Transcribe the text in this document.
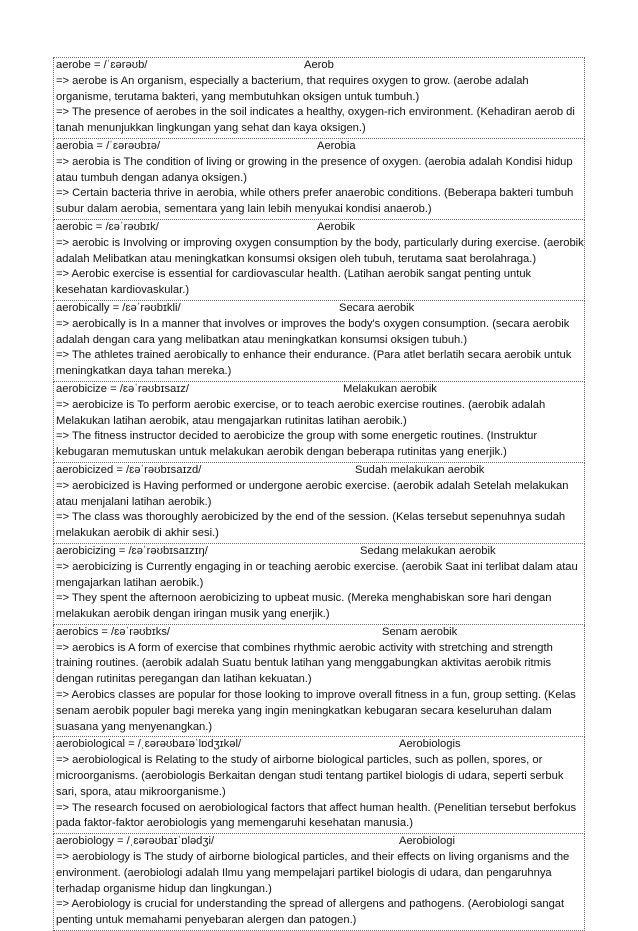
aerobe = /ˈɛərəʊb/	Aerob
=> aerobe is An organism, especially a bacterium, that requires oxygen to grow. (aerobe adalah organisme, terutama bakteri, yang membutuhkan oksigen untuk tumbuh.)
=> The presence of aerobes in the soil indicates a healthy, oxygen-rich environment. (Kehadiran aerob di tanah menunjukkan lingkungan yang sehat dan kaya oksigen.)
aerobia = /ˈɛərəʊbɪə/	Aerobia
=> aerobia is The condition of living or growing in the presence of oxygen. (aerobia adalah Kondisi hidup atau tumbuh dengan adanya oksigen.)
=> Certain bacteria thrive in aerobia, while others prefer anaerobic conditions. (Beberapa bakteri tumbuh subur dalam aerobia, sementara yang lain lebih menyukai kondisi anaerob.)
aerobic = /ɛəˈrəʊbɪk/	Aerobik
=> aerobic is Involving or improving oxygen consumption by the body, particularly during exercise. (aerobik adalah Melibatkan atau meningkatkan konsumsi oksigen oleh tubuh, terutama saat berolahraga.)
=> Aerobic exercise is essential for cardiovascular health. (Latihan aerobik sangat penting untuk kesehatan kardiovaskular.)
aerobically = /ɛəˈrəʊbɪkli/	Secara aerobik
=> aerobically is In a manner that involves or improves the body's oxygen consumption. (secara aerobik adalah dengan cara yang melibatkan atau meningkatkan konsumsi oksigen tubuh.)
=> The athletes trained aerobically to enhance their endurance. (Para atlet berlatih secara aerobik untuk meningkatkan daya tahan mereka.)
aerobicize = /ɛəˈrəʊbɪsaɪz/	Melakukan aerobik
=> aerobicize is To perform aerobic exercise, or to teach aerobic exercise routines. (aerobik adalah Melakukan latihan aerobik, atau mengajarkan rutinitas latihan aerobik.)
=> The fitness instructor decided to aerobicize the group with some energetic routines. (Instruktur kebugaran memutuskan untuk melakukan aerobik dengan beberapa rutinitas yang enerjik.)
aerobicized = /ɛəˈrəʊbɪsaɪzd/	Sudah melakukan aerobik
=> aerobicized is Having performed or undergone aerobic exercise. (aerobik adalah Setelah melakukan atau menjalani latihan aerobik.)
=> The class was thoroughly aerobicized by the end of the session. (Kelas tersebut sepenuhnya sudah melakukan aerobik di akhir sesi.)
aerobicizing = /ɛəˈrəʊbɪsaɪzɪŋ/	Sedang melakukan aerobik
=> aerobicizing is Currently engaging in or teaching aerobic exercise. (aerobik Saat ini terlibat dalam atau mengajarkan latihan aerobik.)
=> They spent the afternoon aerobicizing to upbeat music. (Mereka menghabiskan sore hari dengan melakukan aerobik dengan iringan musik yang enerjik.)
aerobics = /ɛəˈrəʊbɪks/	Senam aerobik
=> aerobics is A form of exercise that combines rhythmic aerobic activity with stretching and strength training routines. (aerobik adalah Suatu bentuk latihan yang menggabungkan aktivitas aerobik ritmis dengan rutinitas peregangan dan latihan kekuatan.)
=> Aerobics classes are popular for those looking to improve overall fitness in a fun, group setting. (Kelas senam aerobik populer bagi mereka yang ingin meningkatkan kebugaran secara keseluruhan dalam suasana yang menyenangkan.)
aerobiological = /ˌɛərəʊbaɪəˈlɒdʒɪkəl/	Aerobiologis
=> aerobiological is Relating to the study of airborne biological particles, such as pollen, spores, or microorganisms. (aerobiologis Berkaitan dengan studi tentang partikel biologis di udara, seperti serbuk sari, spora, atau mikroorganisme.)
=> The research focused on aerobiological factors that affect human health. (Penelitian tersebut berfokus pada faktor-faktor aerobiologis yang memengaruhi kesehatan manusia.)
aerobiology = /ˌɛərəʊbaɪˈɒlədʒi/	Aerobiologi
=> aerobiology is The study of airborne biological particles, and their effects on living organisms and the environment. (aerobiologi adalah Ilmu yang mempelajari partikel biologis di udara, dan pengaruhnya terhadap organisme hidup dan lingkungan.)
=> Aerobiology is crucial for understanding the spread of allergens and pathogens. (Aerobiologi sangat penting untuk memahami penyebaran alergen dan patogen.)
